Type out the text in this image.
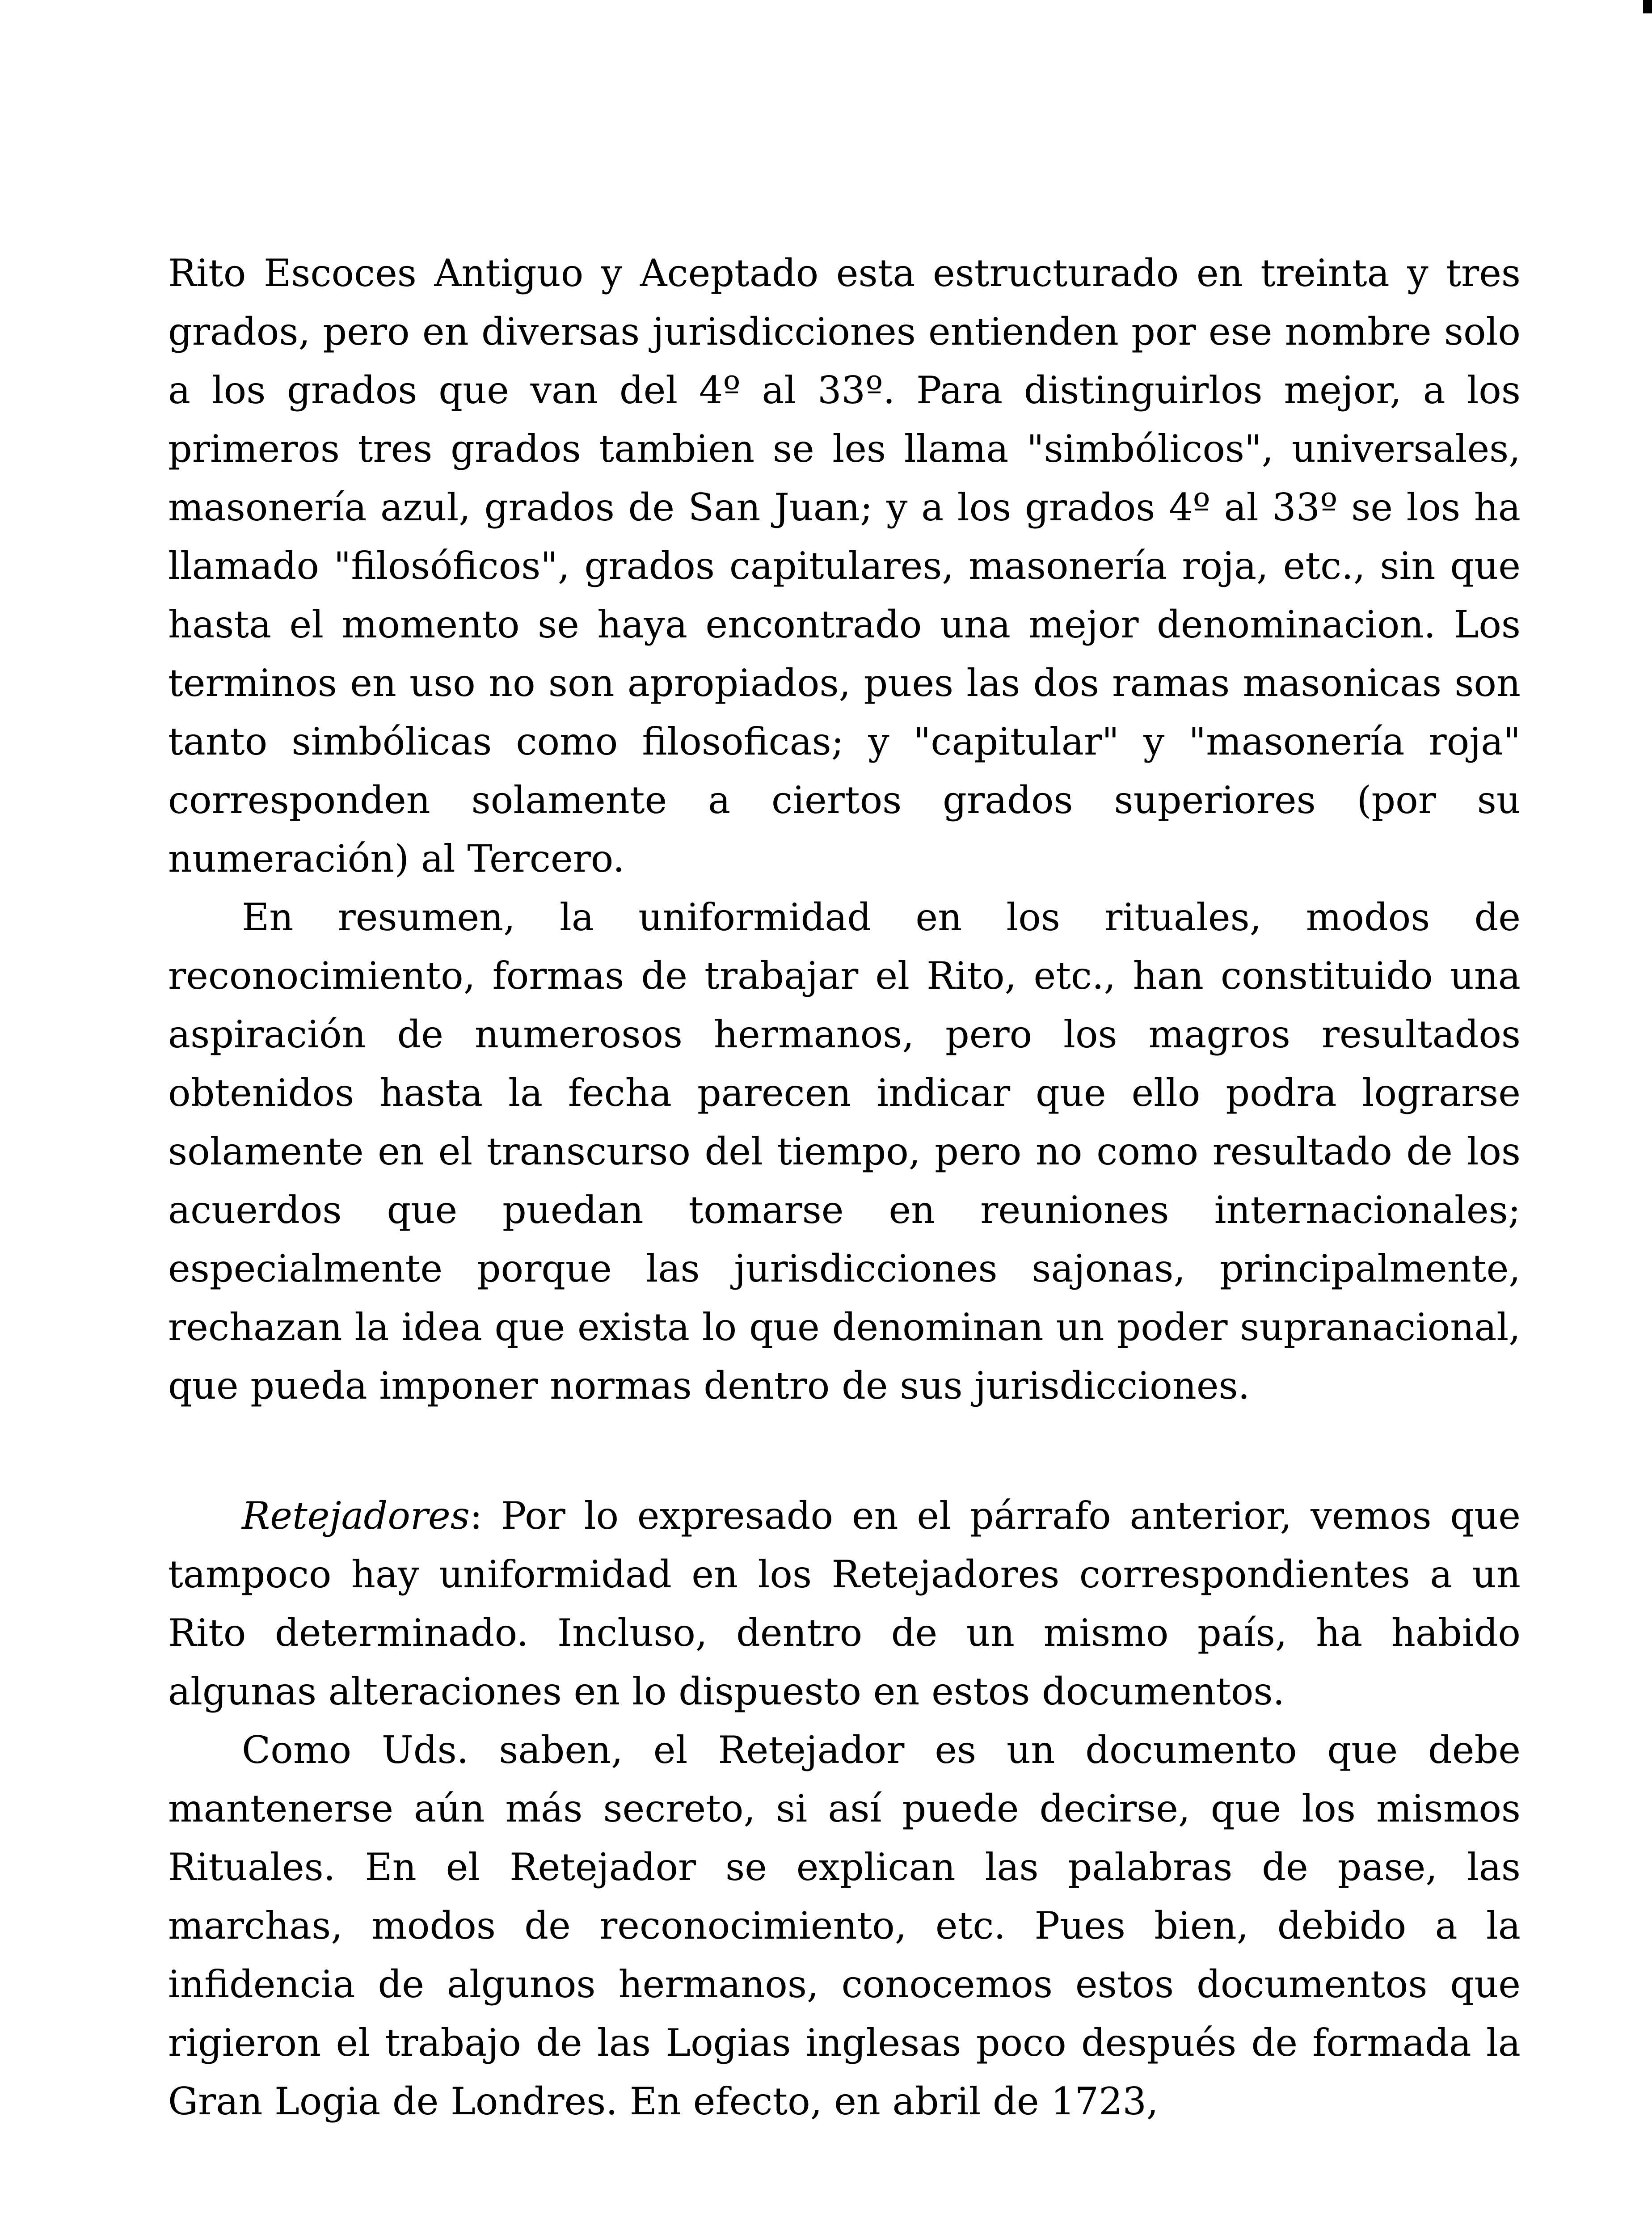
Rito Escoces Antiguo y Aceptado esta estructurado en treinta y tres grados, pero en diversas jurisdicciones entienden por ese nombre solo a los grados que van del 4º al 33º. Para distinguirlos mejor, a los primeros tres grados tambien se les llama "simbólicos", universales, masonería azul, grados de San Juan; y a los grados 4º al 33º se los ha llamado "filosóficos", grados capitulares, masonería roja, etc., sin que hasta el momento se haya encontrado una mejor denominacion. Los terminos en uso no son apropiados, pues las dos ramas masonicas son tanto simbólicas como filosoficas; y "capitular" y "masonería roja" corresponden solamente a ciertos grados superiores (por su numeración) al Tercero.

En resumen, la uniformidad en los rituales, modos de reconocimiento, formas de trabajar el Rito, etc., han constituido una aspiración de numerosos hermanos, pero los magros resultados obtenidos hasta la fecha parecen indicar que ello podra lograrse solamente en el transcurso del tiempo, pero no como resultado de los acuerdos que puedan tomarse en reuniones internacionales; especialmente porque las jurisdicciones sajonas, principalmente, rechazan la idea que exista lo que denominan un poder supranacional, que pueda imponer normas dentro de sus jurisdicciones.

Retejadores: Por lo expresado en el párrafo anterior, vemos que tampoco hay uniformidad en los Retejadores correspondientes a un Rito determinado. Incluso, dentro de un mismo país, ha habido algunas alteraciones en lo dispuesto en estos documentos.

Como Uds. saben, el Retejador es un documento que debe mantenerse aún más secreto, si así puede decirse, que los mismos Rituales. En el Retejador se explican las palabras de pase, las marchas, modos de reconocimiento, etc. Pues bien, debido a la infidencia de algunos hermanos, conocemos estos documentos que rigieron el trabajo de las Logias inglesas poco después de formada la Gran Logia de Londres. En efecto, en abril de 1723,
